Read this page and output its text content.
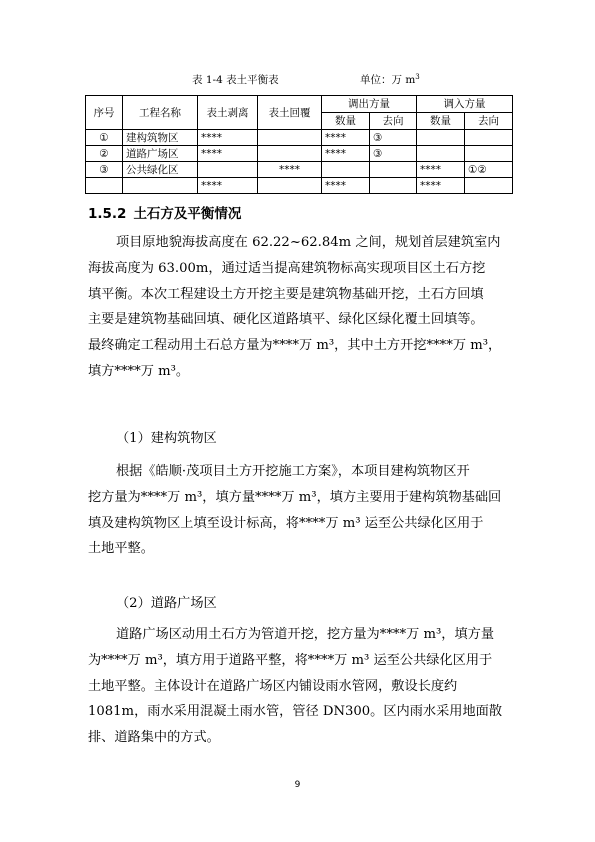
表 1-4 表土平衡表	单位：万 $m^3$
序号	工程名称	表土剥离	表土回覆	调出方量		调入方量	
				数量	去向	数量	去向
①	建构筑物区	****		****	③		
②	道路广场区	****		****	③		
③	公共绿化区		****			****	①②
		****		****		****	
1.5.2 土石方及平衡情况
项目原地貌海拔高度在 62.22~62.84m 之间，规划首层建筑室内
海拔高度为 63.00m，通过适当提高建筑物标高实现项目区土石方挖
填平衡。本次工程建设土方开挖主要是建筑物基础开挖，土石方回填
主要是建筑物基础回填、硬化区道路填平、绿化区绿化覆土回填等。
最终确定工程动用土石总方量为****万 m³，其中土方开挖****万 m³，
填方****万 m³。
（1）建构筑物区
根据《皓顺·茂项目土方开挖施工方案》，本项目建构筑物区开
挖方量为****万 m³，填方量****万 m³，填方主要用于建构筑物基础回
填及建构筑物区上填至设计标高，将****万 m³ 运至公共绿化区用于
土地平整。
（2）道路广场区
道路广场区动用土石方为管道开挖，挖方量为****万 m³，填方量
为****万 m³，填方用于道路平整，将****万 m³ 运至公共绿化区用于
土地平整。主体设计在道路广场区内铺设雨水管网，敷设长度约
1081m，雨水采用混凝土雨水管，管径 DN300。区内雨水采用地面散
排、道路集中的方式。
9
